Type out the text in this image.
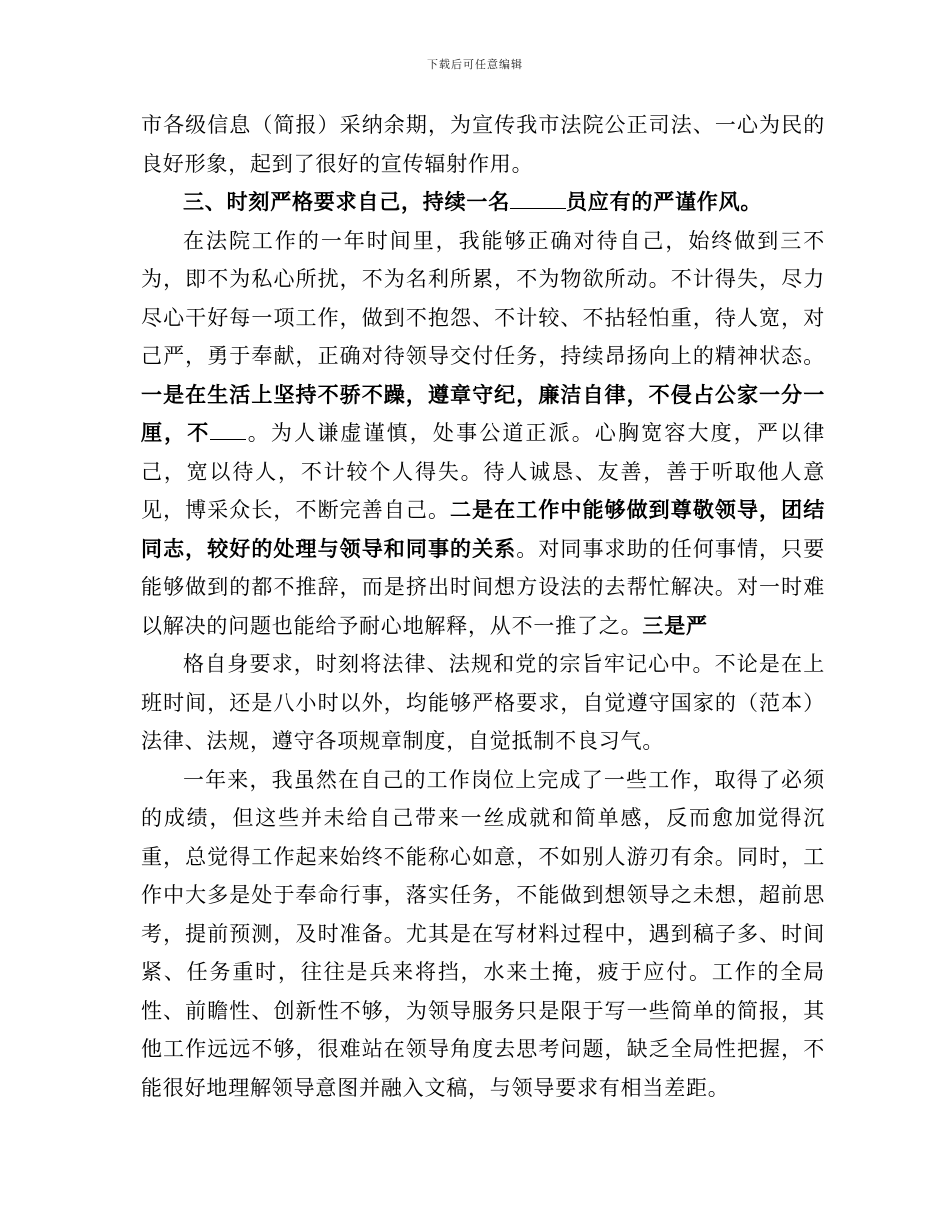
下载后可任意编辑

市各级信息（简报）采纳余期，为宣传我市法院公正司法、一心为民的良好形象，起到了很好的宣传辐射作用。

三、时刻严格要求自己，持续一名	员应有的严谨作风。

在法院工作的一年时间里，我能够正确对待自己，始终做到三不为，即不为私心所扰，不为名利所累，不为物欲所动。不计得失，尽力尽心干好每一项工作，做到不抱怨、不计较、不拈轻怕重，待人宽，对己严，勇于奉献，正确对待领导交付任务，持续昂扬向上的精神状态。一是在生活上坚持不骄不躁，遵章守纪，廉洁自律，不侵占公家一分一厘，不 。为人谦虚谨慎，处事公道正派。心胸宽容大度，严以律己，宽以待人，不计较个人得失。待人诚恳、友善，善于听取他人意见，博采众长，不断完善自己。二是在工作中能够做到尊敬领导，团结同志，较好的处理与领导和同事的关系。对同事求助的任何事情，只要能够做到的都不推辞，而是挤出时间想方设法的去帮忙解决。对一时难以解决的问题也能给予耐心地解释，从不一推了之。三是严

格自身要求，时刻将法律、法规和党的宗旨牢记心中。不论是在上班时间，还是八小时以外，均能够严格要求，自觉遵守国家的（范本）法律、法规，遵守各项规章制度，自觉抵制不良习气。

一年来，我虽然在自己的工作岗位上完成了一些工作，取得了必须的成绩，但这些并未给自己带来一丝成就和简单感，反而愈加觉得沉重，总觉得工作起来始终不能称心如意，不如别人游刃有余。同时，工作中大多是处于奉命行事，落实任务，不能做到想领导之未想，超前思考，提前预测，及时准备。尤其是在写材料过程中，遇到稿子多、时间紧、任务重时，往往是兵来将挡，水来土掩，疲于应付。工作的全局性、前瞻性、创新性不够，为领导服务只是限于写一些简单的简报，其他工作远远不够，很难站在领导角度去思考问题，缺乏全局性把握，不能很好地理解领导意图并融入文稿，与领导要求有相当差距。
